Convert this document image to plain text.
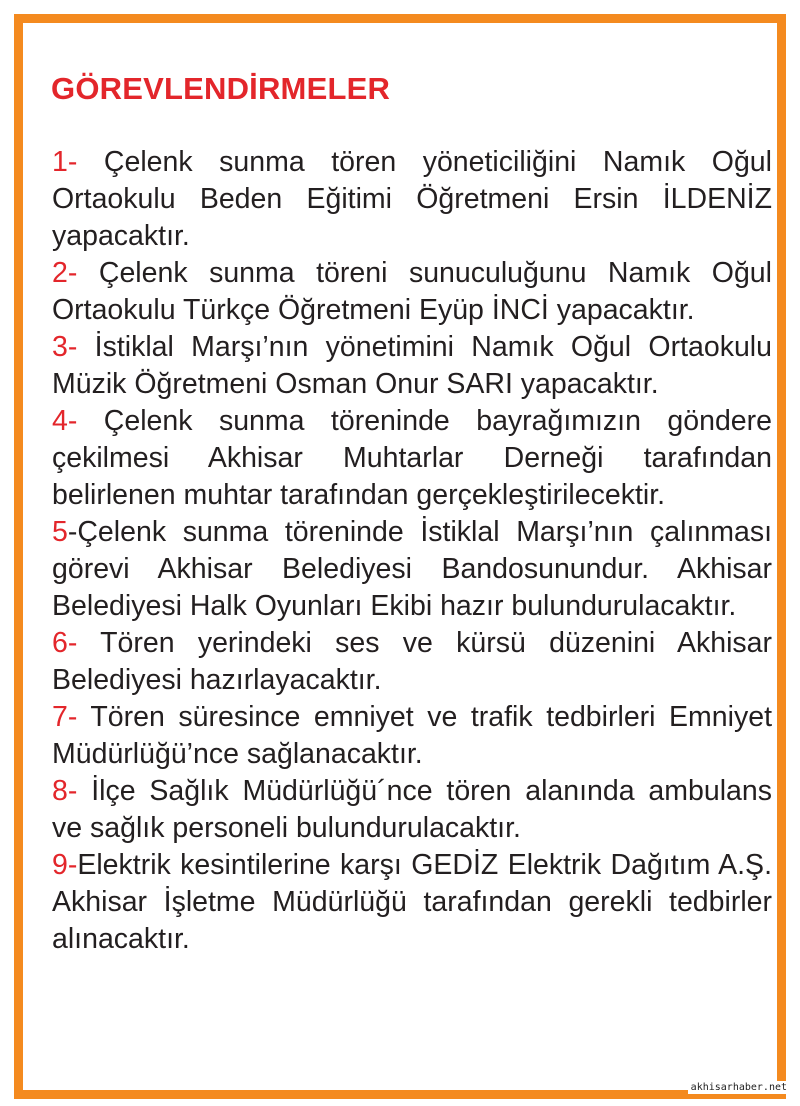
GÖREVLENDİRMELER
1- Çelenk sunma tören yöneticiliğini Namık Oğul Ortaokulu Beden Eğitimi Öğretmeni Ersin İLDENİZ yapacaktır.
2- Çelenk sunma töreni sunuculuğunu Namık Oğul Ortaokulu Türkçe Öğretmeni Eyüp İNCİ yapacaktır.
3- İstiklal Marşı’nın yönetimini Namık Oğul Ortaokulu Müzik Öğretmeni Osman Onur SARI yapacaktır.
4- Çelenk sunma töreninde bayrağımızın göndere çekilmesi Akhisar Muhtarlar Derneği tarafından belirlenen muhtar tarafından gerçekleştirilecektir.
5-Çelenk sunma töreninde İstiklal Marşı’nın çalınması görevi Akhisar Belediyesi Bandosunundur. Akhisar Belediyesi Halk Oyunları Ekibi hazır bulundurulacaktır.
6- Tören yerindeki ses ve kürsü düzenini Akhisar Belediyesi hazırlayacaktır.
7- Tören süresince emniyet ve trafik tedbirleri Emniyet Müdürlüğü’nce sağlanacaktır.
8- İlçe Sağlık Müdürlüğü´nce tören alanında ambulans ve sağlık personeli bulundurulacaktır.
9-Elektrik kesintilerine karşı GEDİZ Elektrik Dağıtım A.Ş. Akhisar İşletme Müdürlüğü tarafından gerekli tedbirler alınacaktır.
akhisarhaber.net
